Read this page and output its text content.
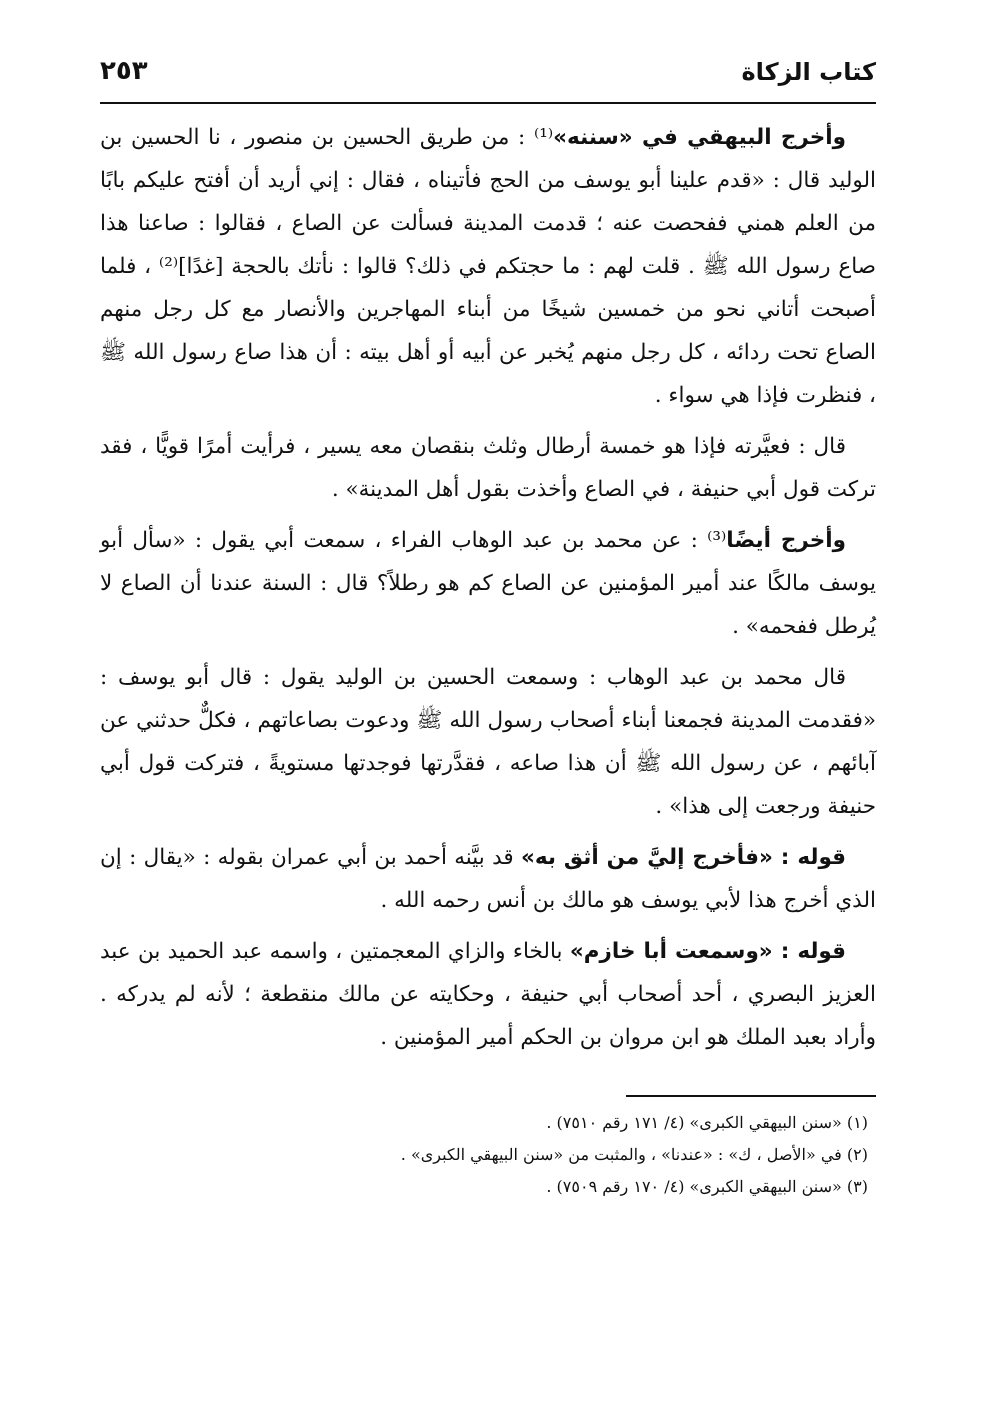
كتاب الزكاة
٢٥٣

وأخرج البيهقي في «سننه»⁽¹⁾ : من طريق الحسين بن منصور ، نا الحسين بن الوليد قال : «قدم علينا أبو يوسف من الحج فأتيناه ، فقال : إني أريد أن أفتح عليكم بابًا من العلم همني ففحصت عنه ؛ قدمت المدينة فسألت عن الصاع ، فقالوا : صاعنا هذا صاع رسول الله ﷺ . قلت لهم : ما حجتكم في ذلك؟ قالوا : نأتك بالحجة [غدًا]⁽²⁾ ، فلما أصبحت أتاني نحو من خمسين شيخًا من أبناء المهاجرين والأنصار مع كل رجل منهم الصاع تحت ردائه ، كل رجل منهم يُخبر عن أبيه أو أهل بيته : أن هذا صاع رسول الله ﷺ ، فنظرت فإذا هي سواء .

قال : فعيَّرته فإذا هو خمسة أرطال وثلث بنقصان معه يسير ، فرأيت أمرًا قويًّا ، فقد تركت قول أبي حنيفة ، في الصاع وأخذت بقول أهل المدينة» .

وأخرج أيضًا⁽³⁾ : عن محمد بن عبد الوهاب الفراء ، سمعت أبي يقول : «سأل أبو يوسف مالكًا عند أمير المؤمنين عن الصاع كم هو رطلاً؟ قال : السنة عندنا أن الصاع لا يُرطل ففحمه» .

قال محمد بن عبد الوهاب : وسمعت الحسين بن الوليد يقول : قال أبو يوسف : «فقدمت المدينة فجمعنا أبناء أصحاب رسول الله ﷺ ودعوت بصاعاتهم ، فكلٌّ حدثني عن آبائهم ، عن رسول الله ﷺ أن هذا صاعه ، فقدَّرتها فوجدتها مستويةً ، فتركت قول أبي حنيفة ورجعت إلى هذا» .

قوله : «فأخرج إليَّ من أثق به» قد بيَّنه أحمد بن أبي عمران بقوله : «يقال : إن الذي أخرج هذا لأبي يوسف هو مالك بن أنس رحمه الله .

قوله : «وسمعت أبا خازم» بالخاء والزاي المعجمتين ، واسمه عبد الحميد بن عبد العزيز البصري ، أحد أصحاب أبي حنيفة ، وحكايته عن مالك منقطعة ؛ لأنه لم يدركه . وأراد بعبد الملك هو ابن مروان بن الحكم أمير المؤمنين .

(١) «سنن البيهقي الكبرى» (٤/ ١٧١ رقم ٧٥١٠) .

(٢) في «الأصل ، ك» : «عندنا» ، والمثبت من «سنن البيهقي الكبرى» .

(٣) «سنن البيهقي الكبرى» (٤/ ١٧٠ رقم ٧٥٠٩) .
